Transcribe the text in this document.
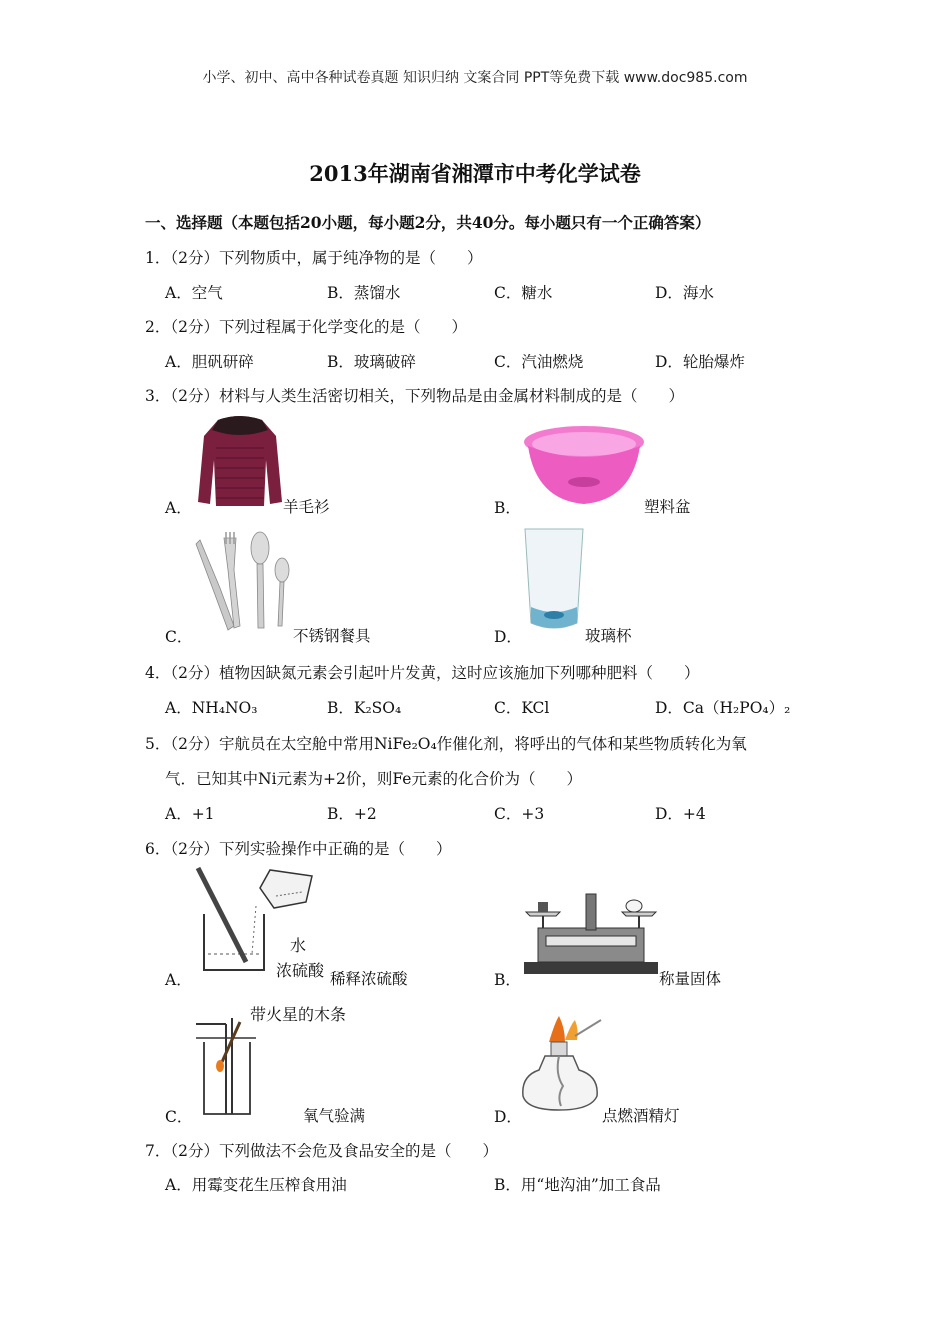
小学、初中、高中各种试卷真题 知识归纳 文案合同 PPT等免费下载 www.doc985.com
2013年湖南省湘潭市中考化学试卷
一、选择题（本题包括20小题，每小题2分，共40分。每小题只有一个正确答案）
1．（2分）下列物质中，属于纯净物的是（　　）
A．空气	B．蒸馏水	C．糖水	D．海水
2．（2分）下列过程属于化学变化的是（　　）
A．胆矾研碎	B．玻璃破碎	C．汽油燃烧	D．轮胎爆炸
3．（2分）材料与人类生活密切相关，下列物品是由金属材料制成的是（　　）
A．	羊毛衫	B．	塑料盆
C．	不锈钢餐具	D．	玻璃杯
4．（2分）植物因缺氮元素会引起叶片发黄，这时应该施加下列哪种肥料（　　）
A．NH₄NO₃	B．K₂SO₄	C．KCl	D．Ca（H₂PO₄）₂
5．（2分）宇航员在太空舱中常用NiFe₂O₄作催化剂，将呼出的气体和某些物质转化为氧
气．已知其中Ni元素为+2价，则Fe元素的化合价为（　　）
A．+1	B．+2	C．+3	D．+4
6．（2分）下列实验操作中正确的是（　　）
水
浓硫酸
A．	稀释浓硫酸	B．	称量固体
带火星的木条
C．	氧气验满	D．	点燃酒精灯
7．（2分）下列做法不会危及食品安全的是（　　）
A．用霉变花生压榨食用油	B．用“地沟油”加工食品
